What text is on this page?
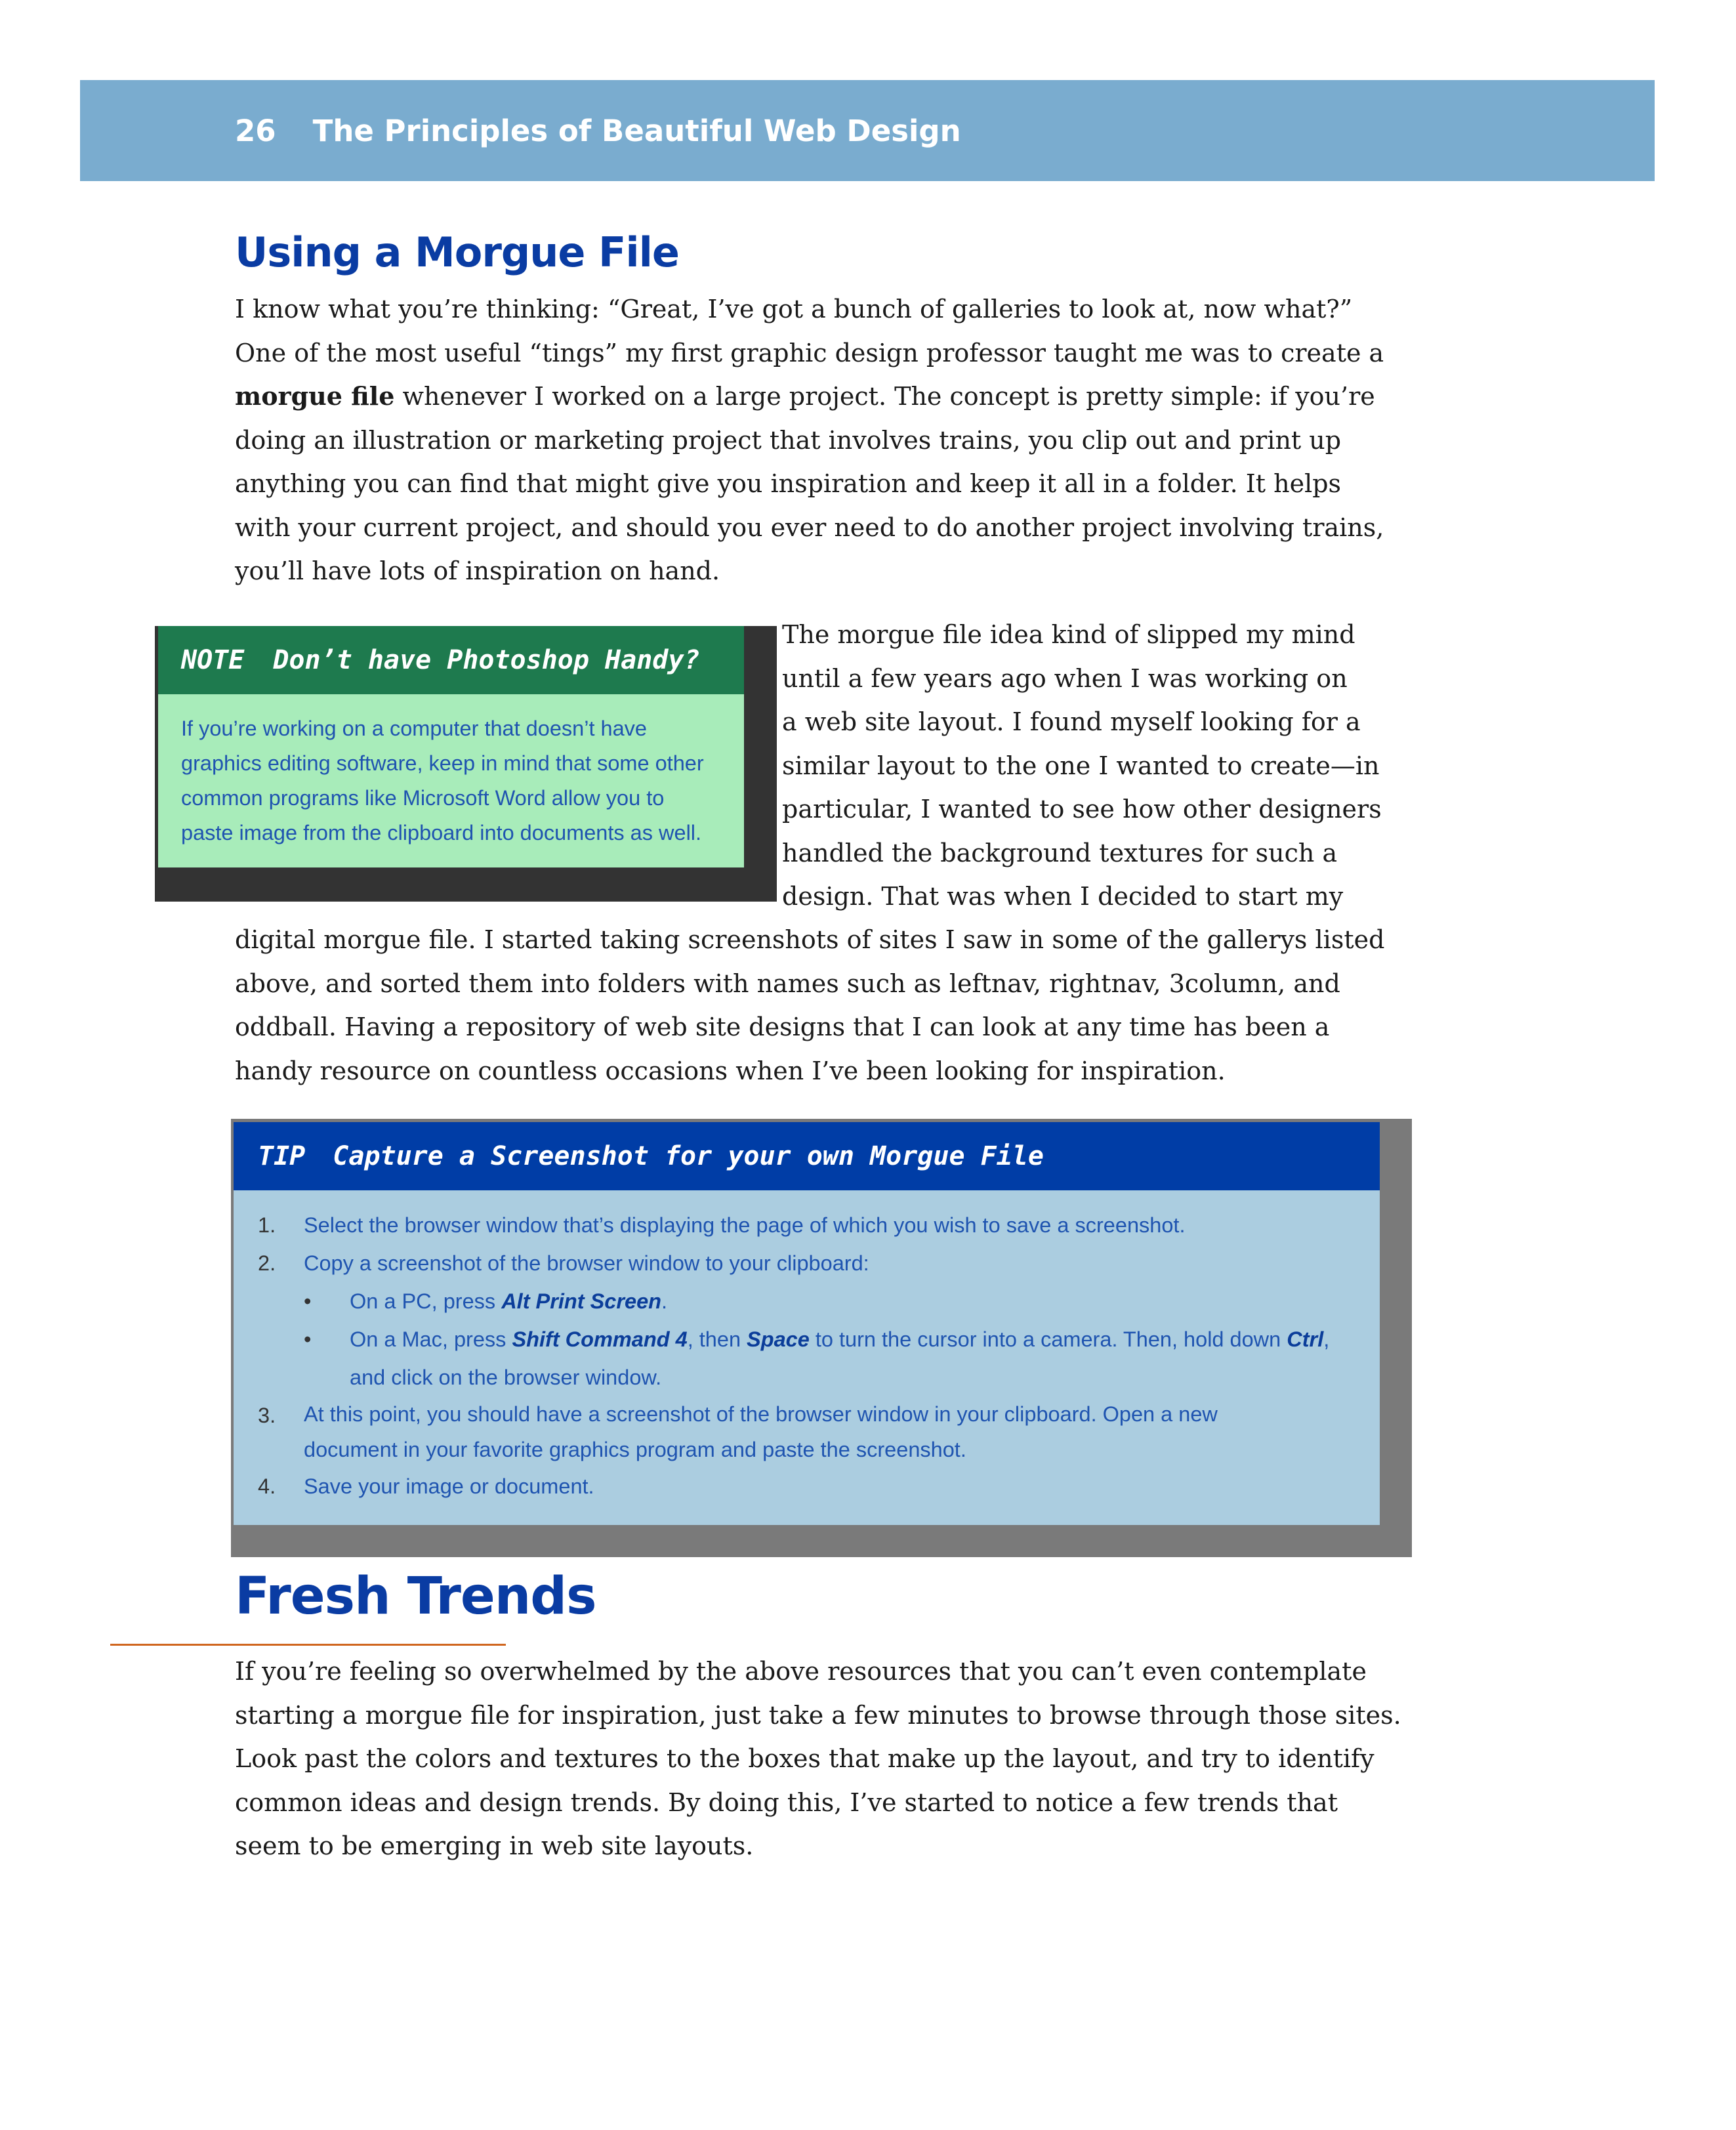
26 The Principles of Beautiful Web Design
Using a Morgue File
I know what you’re thinking: “Great, I’ve got a bunch of galleries to look at, now what?”
One of the most useful “tings” my first graphic design professor taught me was to create a
morgue file whenever I worked on a large project. The concept is pretty simple: if you’re
doing an illustration or marketing project that involves trains, you clip out and print up
anything you can find that might give you inspiration and keep it all in a folder. It helps
with your current project, and should you ever need to do another project involving trains,
you’ll have lots of inspiration on hand.
NOTE Don’t have Photoshop Handy?
If you’re working on a computer that doesn’t have
graphics editing software, keep in mind that some other
common programs like Microsoft Word allow you to
paste image from the clipboard into documents as well.
The morgue file idea kind of slipped my mind
until a few years ago when I was working on
a web site layout. I found myself looking for a
similar layout to the one I wanted to create—in
particular, I wanted to see how other designers
handled the background textures for such a
design. That was when I decided to start my
digital morgue file. I started taking screenshots of sites I saw in some of the gallerys listed
above, and sorted them into folders with names such as leftnav, rightnav, 3column, and
oddball. Having a repository of web site designs that I can look at any time has been a
handy resource on countless occasions when I’ve been looking for inspiration.
TIP Capture a Screenshot for your own Morgue File
1.	Select the browser window that’s displaying the page of which you wish to save a screenshot.
2.	Copy a screenshot of the browser window to your clipboard:
•	On a PC, press Alt Print Screen.
•	On a Mac, press Shift Command 4, then Space to turn the cursor into a camera. Then, hold down Ctrl,
and click on the browser window.
3.	At this point, you should have a screenshot of the browser window in your clipboard. Open a new
document in your favorite graphics program and paste the screenshot.
4.	Save your image or document.
Fresh Trends
If you’re feeling so overwhelmed by the above resources that you can’t even contemplate
starting a morgue file for inspiration, just take a few minutes to browse through those sites.
Look past the colors and textures to the boxes that make up the layout, and try to identify
common ideas and design trends. By doing this, I’ve started to notice a few trends that
seem to be emerging in web site layouts.
